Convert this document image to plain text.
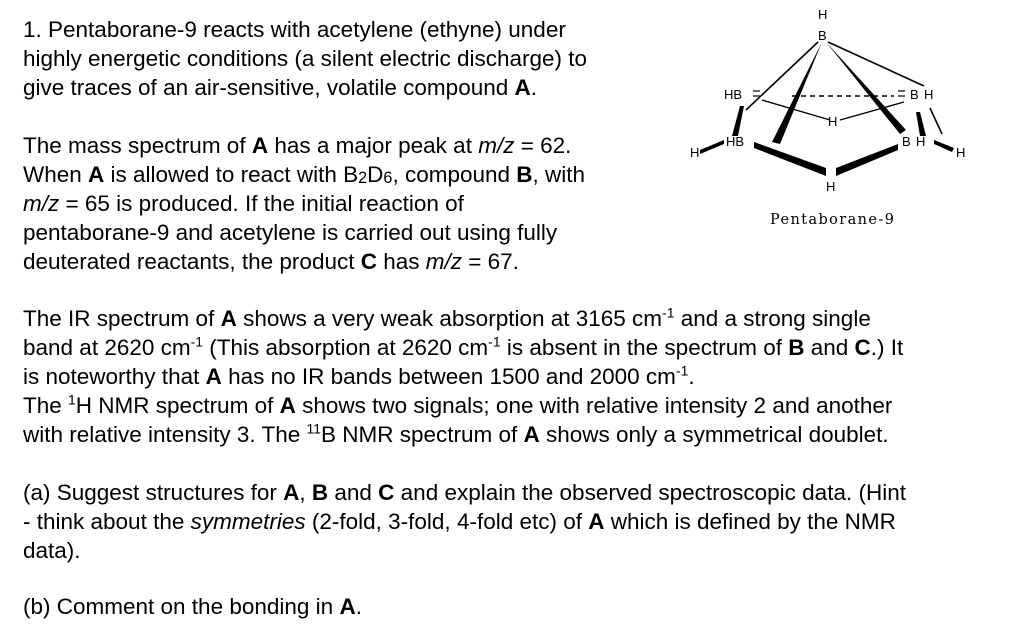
1. Pentaborane-9 reacts with acetylene (ethyne) under
highly energetic conditions (a silent electric discharge) to
give traces of an air-sensitive, volatile compound A.
The mass spectrum of A has a major peak at m/z = 62.
When A is allowed to react with $B_2D_6$, compound B, with
m/z = 65 is produced. If the initial reaction of
pentaborane-9 and acetylene is carried out using fully
deuterated reactants, the product C has m/z = 67.
The IR spectrum of A shows a very weak absorption at 3165 $cm^{-1}$ and a strong single
band at 2620 $cm^{-1}$ (This absorption at 2620 $cm^{-1}$ is absent in the spectrum of B and C.) It
is noteworthy that A has no IR bands between 1500 and 2000 $cm^{-1}$.
The $^1$H NMR spectrum of A shows two signals; one with relative intensity 2 and another
with relative intensity 3. The $^{11}$B NMR spectrum of A shows only a symmetrical doublet.
(a) Suggest structures for A, B and C and explain the observed spectroscopic data. (Hint
- think about the symmetries (2-fold, 3-fold, 4-fold etc) of A which is defined by the NMR
data).
(b) Comment on the bonding in A.
H
B
HB
HB
B H
B H
H
H
H	H
Pentaborane-9
